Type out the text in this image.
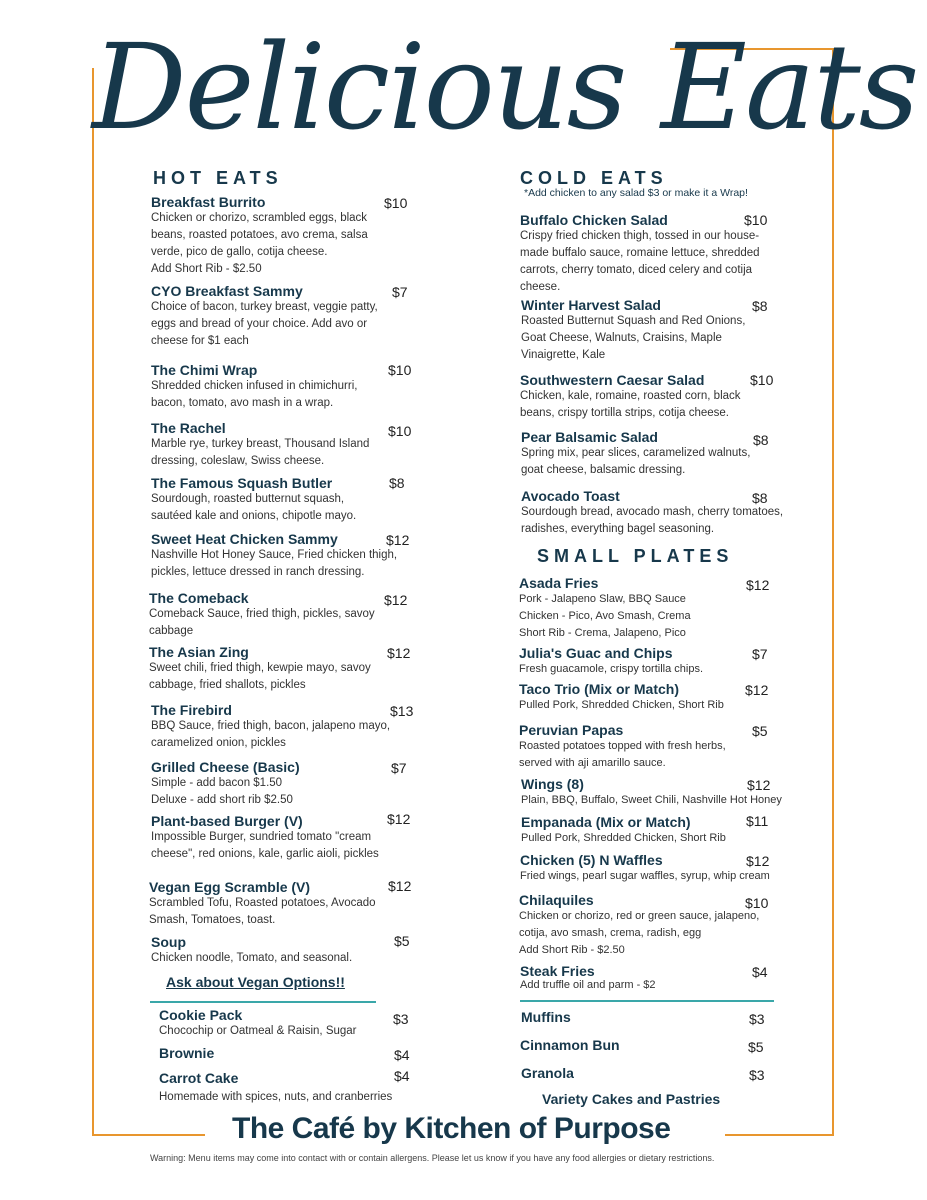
Delicious Eats
HOT EATS
Breakfast Burrito
Chicken or chorizo, scrambled eggs, black beans, roasted potatoes, avo crema, salsa verde, pico de gallo, cotija cheese.
Add Short Rib - $2.50
$10
CYO Breakfast Sammy
Choice of bacon, turkey breast, veggie patty, eggs and bread of your choice. Add avo or cheese for $1 each
$7
The Chimi Wrap
Shredded chicken infused in chimichurri, bacon, tomato, avo mash in a wrap.
$10
The Rachel
Marble rye, turkey breast, Thousand Island dressing, coleslaw, Swiss cheese.
$10
The Famous Squash Butler
Sourdough, roasted butternut squash, sautéed kale and onions, chipotle mayo.
$8
Sweet Heat Chicken Sammy
Nashville Hot Honey Sauce, Fried chicken thigh, pickles, lettuce dressed in ranch dressing.
$12
The Comeback
Comeback Sauce, fried thigh, pickles, savoy cabbage
$12
The Asian Zing
Sweet chili, fried thigh, kewpie mayo, savoy cabbage, fried shallots, pickles
$12
The Firebird
BBQ Sauce, fried thigh, bacon, jalapeno mayo, caramelized onion, pickles
$13
Grilled Cheese (Basic)
Simple - add bacon $1.50
Deluxe - add short rib $2.50
$7
Plant-based Burger (V)
Impossible Burger, sundried tomato "cream cheese", red onions, kale, garlic aioli, pickles
$12
Vegan Egg Scramble (V)
Scrambled Tofu, Roasted potatoes, Avocado Smash, Tomatoes, toast.
$12
Soup
Chicken noodle, Tomato, and seasonal.
$5
Ask about Vegan Options!!
Cookie Pack
Chocochip or Oatmeal & Raisin, Sugar
$3
Brownie	$4
Carrot Cake
Homemade with spices, nuts, and cranberries
$4
COLD EATS
*Add chicken to any salad $3 or make it a Wrap!
Buffalo Chicken Salad
Crispy fried chicken thigh, tossed in our house-made buffalo sauce, romaine lettuce, shredded carrots, cherry tomato, diced celery and cotija cheese.
$10
Winter Harvest Salad
Roasted Butternut Squash and Red Onions, Goat Cheese, Walnuts, Craisins, Maple Vinaigrette, Kale
$8
Southwestern Caesar Salad
Chicken, kale, romaine, roasted corn, black beans, crispy tortilla strips, cotija cheese.
$10
Pear Balsamic Salad
Spring mix, pear slices, caramelized walnuts, goat cheese, balsamic dressing.
$8
Avocado Toast
Sourdough bread, avocado mash, cherry tomatoes, radishes, everything bagel seasoning.
$8
SMALL PLATES
Asada Fries
Pork - Jalapeno Slaw, BBQ Sauce
Chicken - Pico, Avo Smash, Crema
Short Rib - Crema, Jalapeno, Pico
$12
Julia's Guac and Chips
Fresh guacamole, crispy tortilla chips.
$7
Taco Trio (Mix or Match)
Pulled Pork, Shredded Chicken, Short Rib
$12
Peruvian Papas
Roasted potatoes topped with fresh herbs, served with aji amarillo sauce.
$5
Wings (8)
Plain, BBQ, Buffalo, Sweet Chili, Nashville Hot Honey
$12
Empanada (Mix or Match)
Pulled Pork, Shredded Chicken, Short Rib
$11
Chicken (5) N Waffles
Fried wings, pearl sugar waffles, syrup, whip cream
$12
Chilaquiles
Chicken or chorizo, red or green sauce, jalapeno, cotija, avo smash, crema, radish, egg
Add Short Rib - $2.50
$10
Steak Fries
Add truffle oil and parm - $2
$4
Muffins	$3
Cinnamon Bun	$5
Granola	$3
Variety Cakes and Pastries
The Café by Kitchen of Purpose
Warning: Menu items may come into contact with or contain allergens. Please let us know if you have any food allergies or dietary restrictions.
